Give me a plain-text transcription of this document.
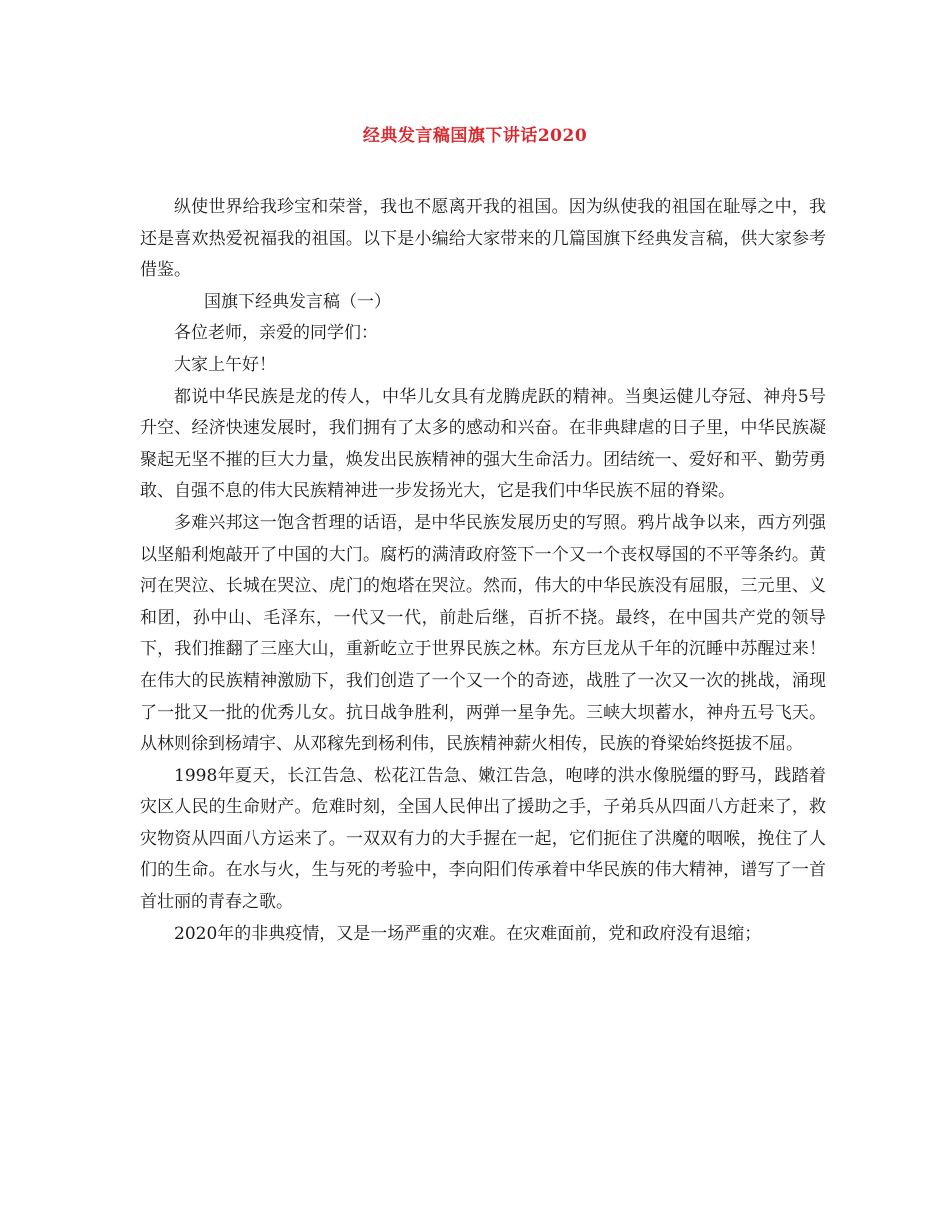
经典发言稿国旗下讲话2020

纵使世界给我珍宝和荣誉，我也不愿离开我的祖国。因为纵使我的祖国在耻辱之中，我还是喜欢热爱祝福我的祖国。以下是小编给大家带来的几篇国旗下经典发言稿，供大家参考借鉴。

国旗下经典发言稿（一）

各位老师，亲爱的同学们：

大家上午好！

都说中华民族是龙的传人，中华儿女具有龙腾虎跃的精神。当奥运健儿夺冠、神舟5号升空、经济快速发展时，我们拥有了太多的感动和兴奋。在非典肆虐的日子里，中华民族凝聚起无坚不摧的巨大力量，焕发出民族精神的强大生命活力。团结统一、爱好和平、勤劳勇敢、自强不息的伟大民族精神进一步发扬光大，它是我们中华民族不屈的脊梁。

多难兴邦这一饱含哲理的话语，是中华民族发展历史的写照。鸦片战争以来，西方列强以坚船利炮敲开了中国的大门。腐朽的满清政府签下一个又一个丧权辱国的不平等条约。黄河在哭泣、长城在哭泣、虎门的炮塔在哭泣。然而，伟大的中华民族没有屈服，三元里、义和团，孙中山、毛泽东，一代又一代，前赴后继，百折不挠。最终，在中国共产党的领导下，我们推翻了三座大山，重新屹立于世界民族之林。东方巨龙从千年的沉睡中苏醒过来！在伟大的民族精神激励下，我们创造了一个又一个的奇迹，战胜了一次又一次的挑战，涌现了一批又一批的优秀儿女。抗日战争胜利，两弹一星争先。三峡大坝蓄水，神舟五号飞天。从林则徐到杨靖宇、从邓稼先到杨利伟，民族精神薪火相传，民族的脊梁始终挺拔不屈。

1998年夏天，长江告急、松花江告急、嫩江告急，咆哮的洪水像脱缰的野马，践踏着灾区人民的生命财产。危难时刻，全国人民伸出了援助之手，子弟兵从四面八方赶来了，救灾物资从四面八方运来了。一双双有力的大手握在一起，它们扼住了洪魔的咽喉，挽住了人们的生命。在水与火，生与死的考验中，李向阳们传承着中华民族的伟大精神，谱写了一首首壮丽的青春之歌。

2020年的非典疫情，又是一场严重的灾难。在灾难面前，党和政府没有退缩；
